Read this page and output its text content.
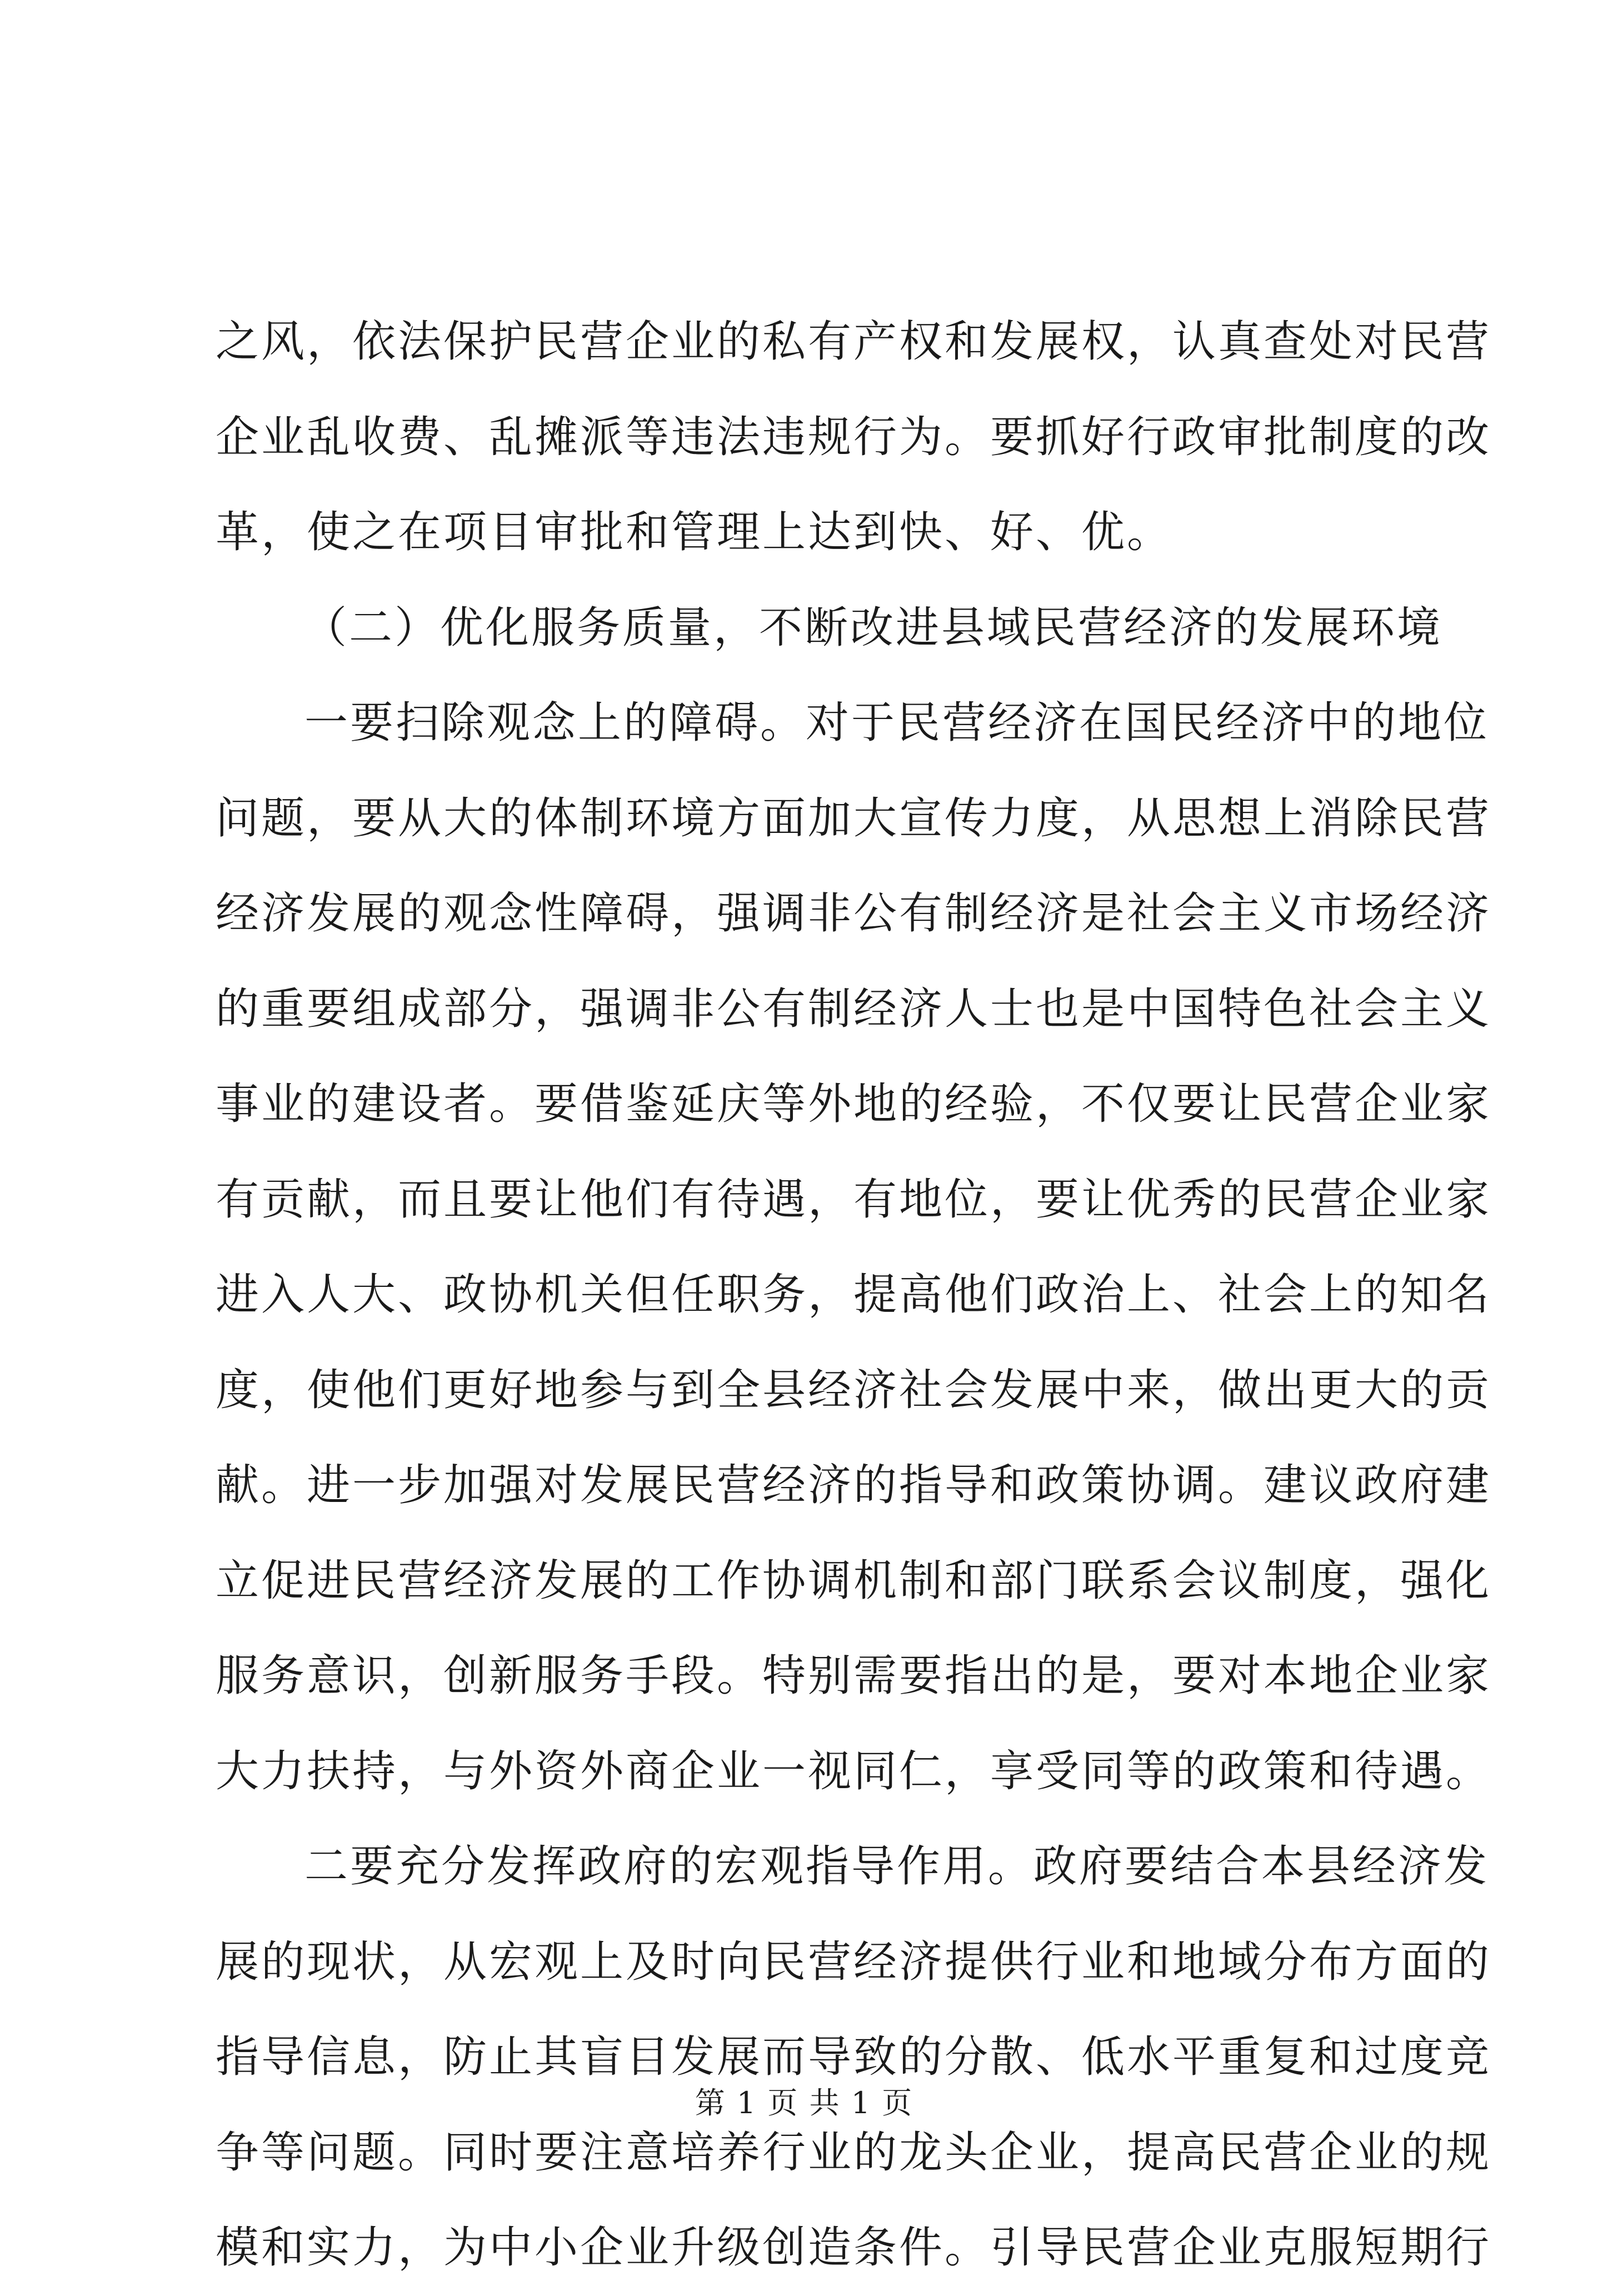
之风，依法保护民营企业的私有产权和发展权，认真查处对民营
企业乱收费、乱摊派等违法违规行为。要抓好行政审批制度的改
革，使之在项目审批和管理上达到快、好、优。
（二）优化服务质量，不断改进县域民营经济的发展环境
一要扫除观念上的障碍。对于民营经济在国民经济中的地位
问题，要从大的体制环境方面加大宣传力度，从思想上消除民营
经济发展的观念性障碍，强调非公有制经济是社会主义市场经济
的重要组成部分，强调非公有制经济人士也是中国特色社会主义
事业的建设者。要借鉴延庆等外地的经验，不仅要让民营企业家
有贡献，而且要让他们有待遇，有地位，要让优秀的民营企业家
进入人大、政协机关但任职务，提高他们政治上、社会上的知名
度，使他们更好地参与到全县经济社会发展中来，做出更大的贡
献。进一步加强对发展民营经济的指导和政策协调。建议政府建
立促进民营经济发展的工作协调机制和部门联系会议制度，强化
服务意识，创新服务手段。特别需要指出的是，要对本地企业家
大力扶持，与外资外商企业一视同仁，享受同等的政策和待遇。
二要充分发挥政府的宏观指导作用。政府要结合本县经济发
展的现状，从宏观上及时向民营经济提供行业和地域分布方面的
指导信息，防止其盲目发展而导致的分散、低水平重复和过度竞
争等问题。同时要注意培养行业的龙头企业，提高民营企业的规
模和实力，为中小企业升级创造条件。引导民营企业克服短期行
第 1 页 共 1 页
